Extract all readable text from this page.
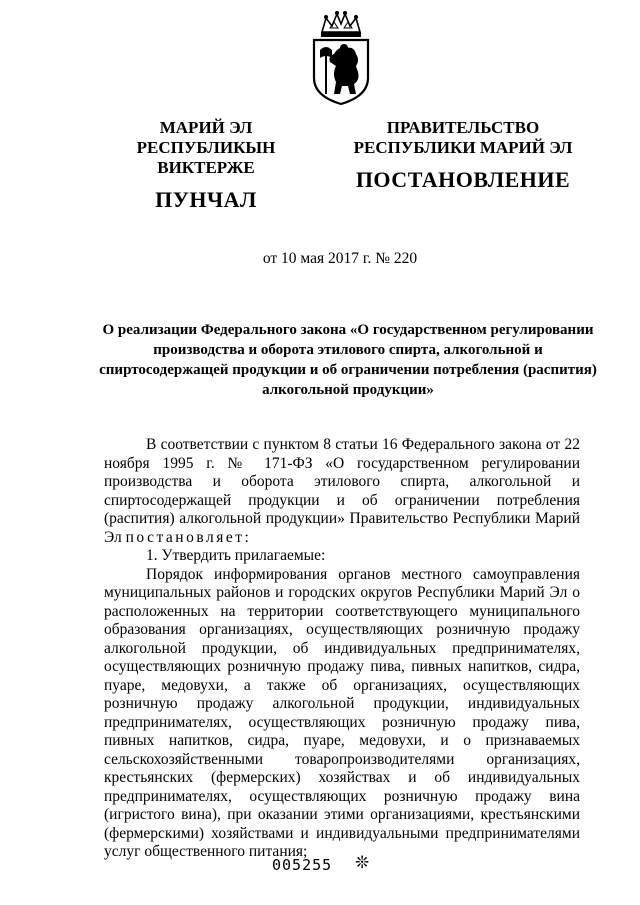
МАРИЙ ЭЛ РЕСПУБЛИКЫН ВИКТЕРЖЕ
ПУНЧАЛ
ПРАВИТЕЛЬСТВО РЕСПУБЛИКИ МАРИЙ ЭЛ
ПОСТАНОВЛЕНИЕ
от 10 мая 2017 г. № 220
О реализации Федерального закона «О государственном регулировании производства и оборота этилового спирта, алкогольной и спиртосодержащей продукции и об ограничении потребления (распития) алкогольной продукции»

В соответствии с пунктом 8 статьи 16 Федерального закона от 22 ноября 1995 г. № 171-ФЗ «О государственном регулировании производства и оборота этилового спирта, алкогольной и спиртосодержащей продукции и об ограничении потребления (распития) алкогольной продукции» Правительство Республики Марий Эл постановляет:

1. Утвердить прилагаемые:

Порядок информирования органов местного самоуправления муниципальных районов и городских округов Республики Марий Эл о расположенных на территории соответствующего муниципального образования организациях, осуществляющих розничную продажу алкогольной продукции, об индивидуальных предпринимателях, осуществляющих розничную продажу пива, пивных напитков, сидра, пуаре, медовухи, а также об организациях, осуществляющих розничную продажу алкогольной продукции, индивидуальных предпринимателях, осуществляющих розничную продажу пива, пивных напитков, сидра, пуаре, медовухи, и о признаваемых сельскохозяйственными товаропроизводителями организациях, крестьянских (фермерских) хозяйствах и об индивидуальных предпринимателях, осуществляющих розничную продажу вина (игристого вина), при оказании этими организациями, крестьянскими (фермерскими) хозяйствами и индивидуальными предпринимателями услуг общественного питания;

005255 ❊
